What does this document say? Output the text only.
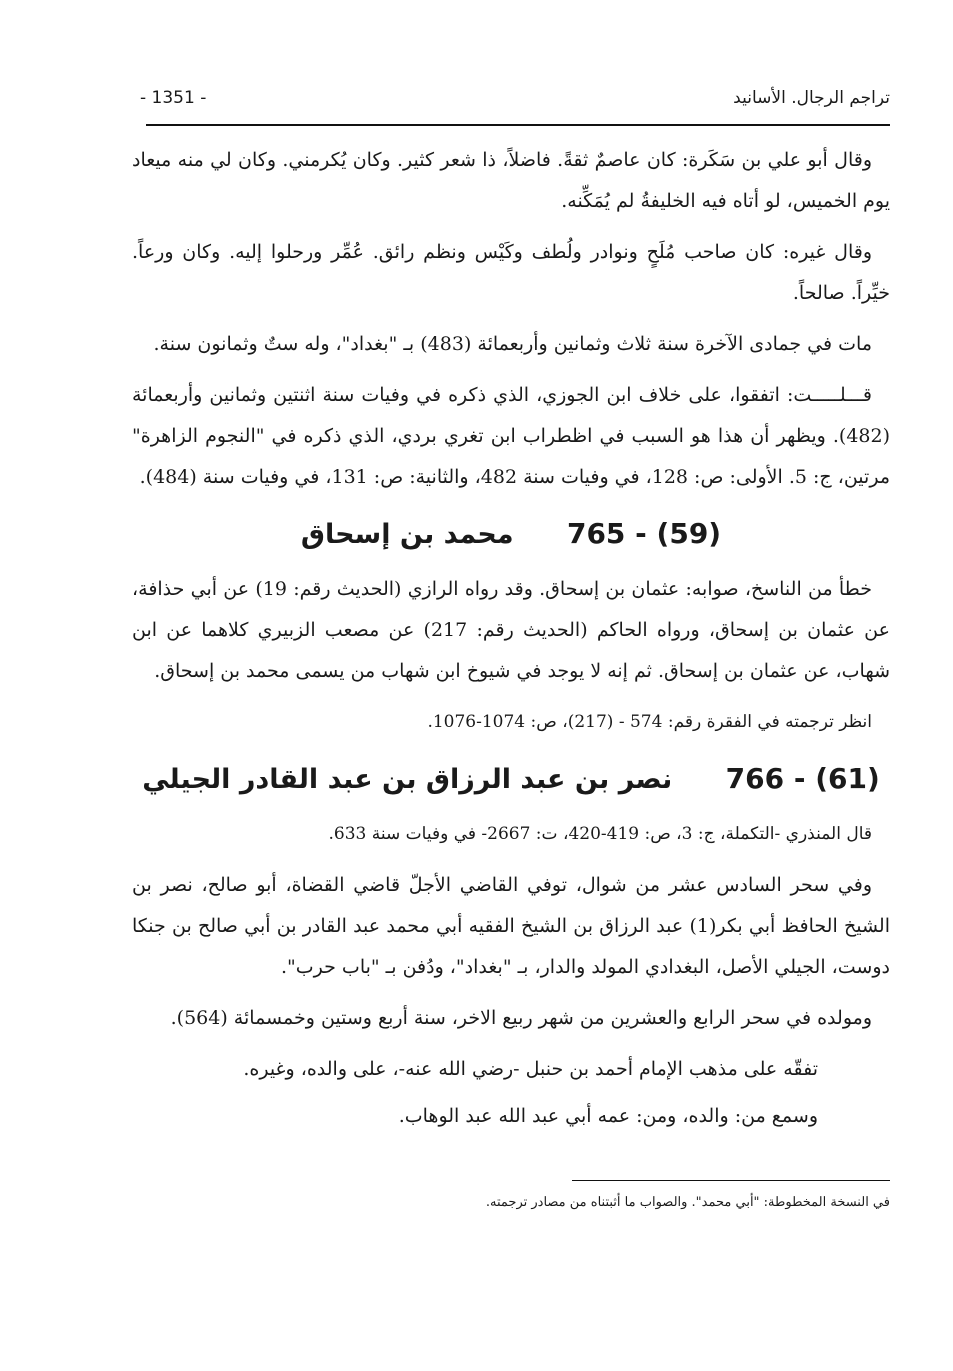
تراجم الرجال. الأسانيد
- 1351 -

وقال أبو علي بن سَكَرة: كان عاصمٌ ثقةً. فاضلاً، ذا شعر كثير. وكان يُكرمني. وكان لي منه ميعاد يوم الخميس، لو أتاه فيه الخليفةُ لم يُمَكِّنه.

وقال غيره: كان صاحب مُلَحٍ ونوادر ولُطف وكَيْس ونظم رائق. عُمِّر ورحلوا إليه. وكان ورعاً. خيِّراً. صالحاً.

مات في جمادى الآخرة سنة ثلاث وثمانين وأربعمائة (483) بـ "بغداد"، وله ستٌ وثمانون سنة.

قـــلـــــت: اتفقوا، على خلاف ابن الجوزي، الذي ذكره في وفيات سنة اثنتين وثمانين وأربعمائة (482). ويظهر أن هذا هو السبب في اظطراب ابن تغري بردي، الذي ذكره في "النجوم الزاهرة" مرتين، ج: 5. الأولى: ص: 128، في وفيات سنة 482، والثانية: ص: 131، في وفيات سنة (484).

765 - (59) محمد بن إسحاق

خطأ من الناسخ، صوابه: عثمان بن إسحاق. وقد رواه الرازي (الحديث رقم: 19) عن أبي حذافة، عن عثمان بن إسحاق، ورواه الحاكم (الحديث رقم: 217) عن مصعب الزبيري كلاهما عن ابن شهاب، عن عثمان بن إسحاق. ثم إنه لا يوجد في شيوخ ابن شهاب من يسمى محمد بن إسحاق.

انظر ترجمته في الفقرة رقم: 574 - (217)، ص: 1074-1076.

766 - (61) نصر بن عبد الرزاق بن عبد القادر الجيلي

قال المنذري -التكملة، ج: 3، ص: 419-420، ت: 2667- في وفيات سنة 633.

وفي سحر السادس عشر من شوال، توفي القاضي الأجلّ قاضي القضاة، أبو صالح، نصر بن الشيخ الحافظ أبي بكر(1) عبد الرزاق بن الشيخ الفقيه أبي محمد عبد القادر بن أبي صالح بن جنكا دوست، الجيلي الأصل، البغدادي المولد والدار، بـ "بغداد"، ودُفن بـ "باب حرب".

ومولده في سحر الرابع والعشرين من شهر ربيع الاخر، سنة أربع وستين وخمسمائة (564).

تفقّه على مذهب الإمام أحمد بن حنبل -رضي الله عنه-، على والده، وغيره.

وسمع من: والده، ومن: عمه أبي عبد الله عبد الوهاب.

في النسخة المخطوطة: "أبي محمد". والصواب ما أثبتناه من مصادر ترجمته.
